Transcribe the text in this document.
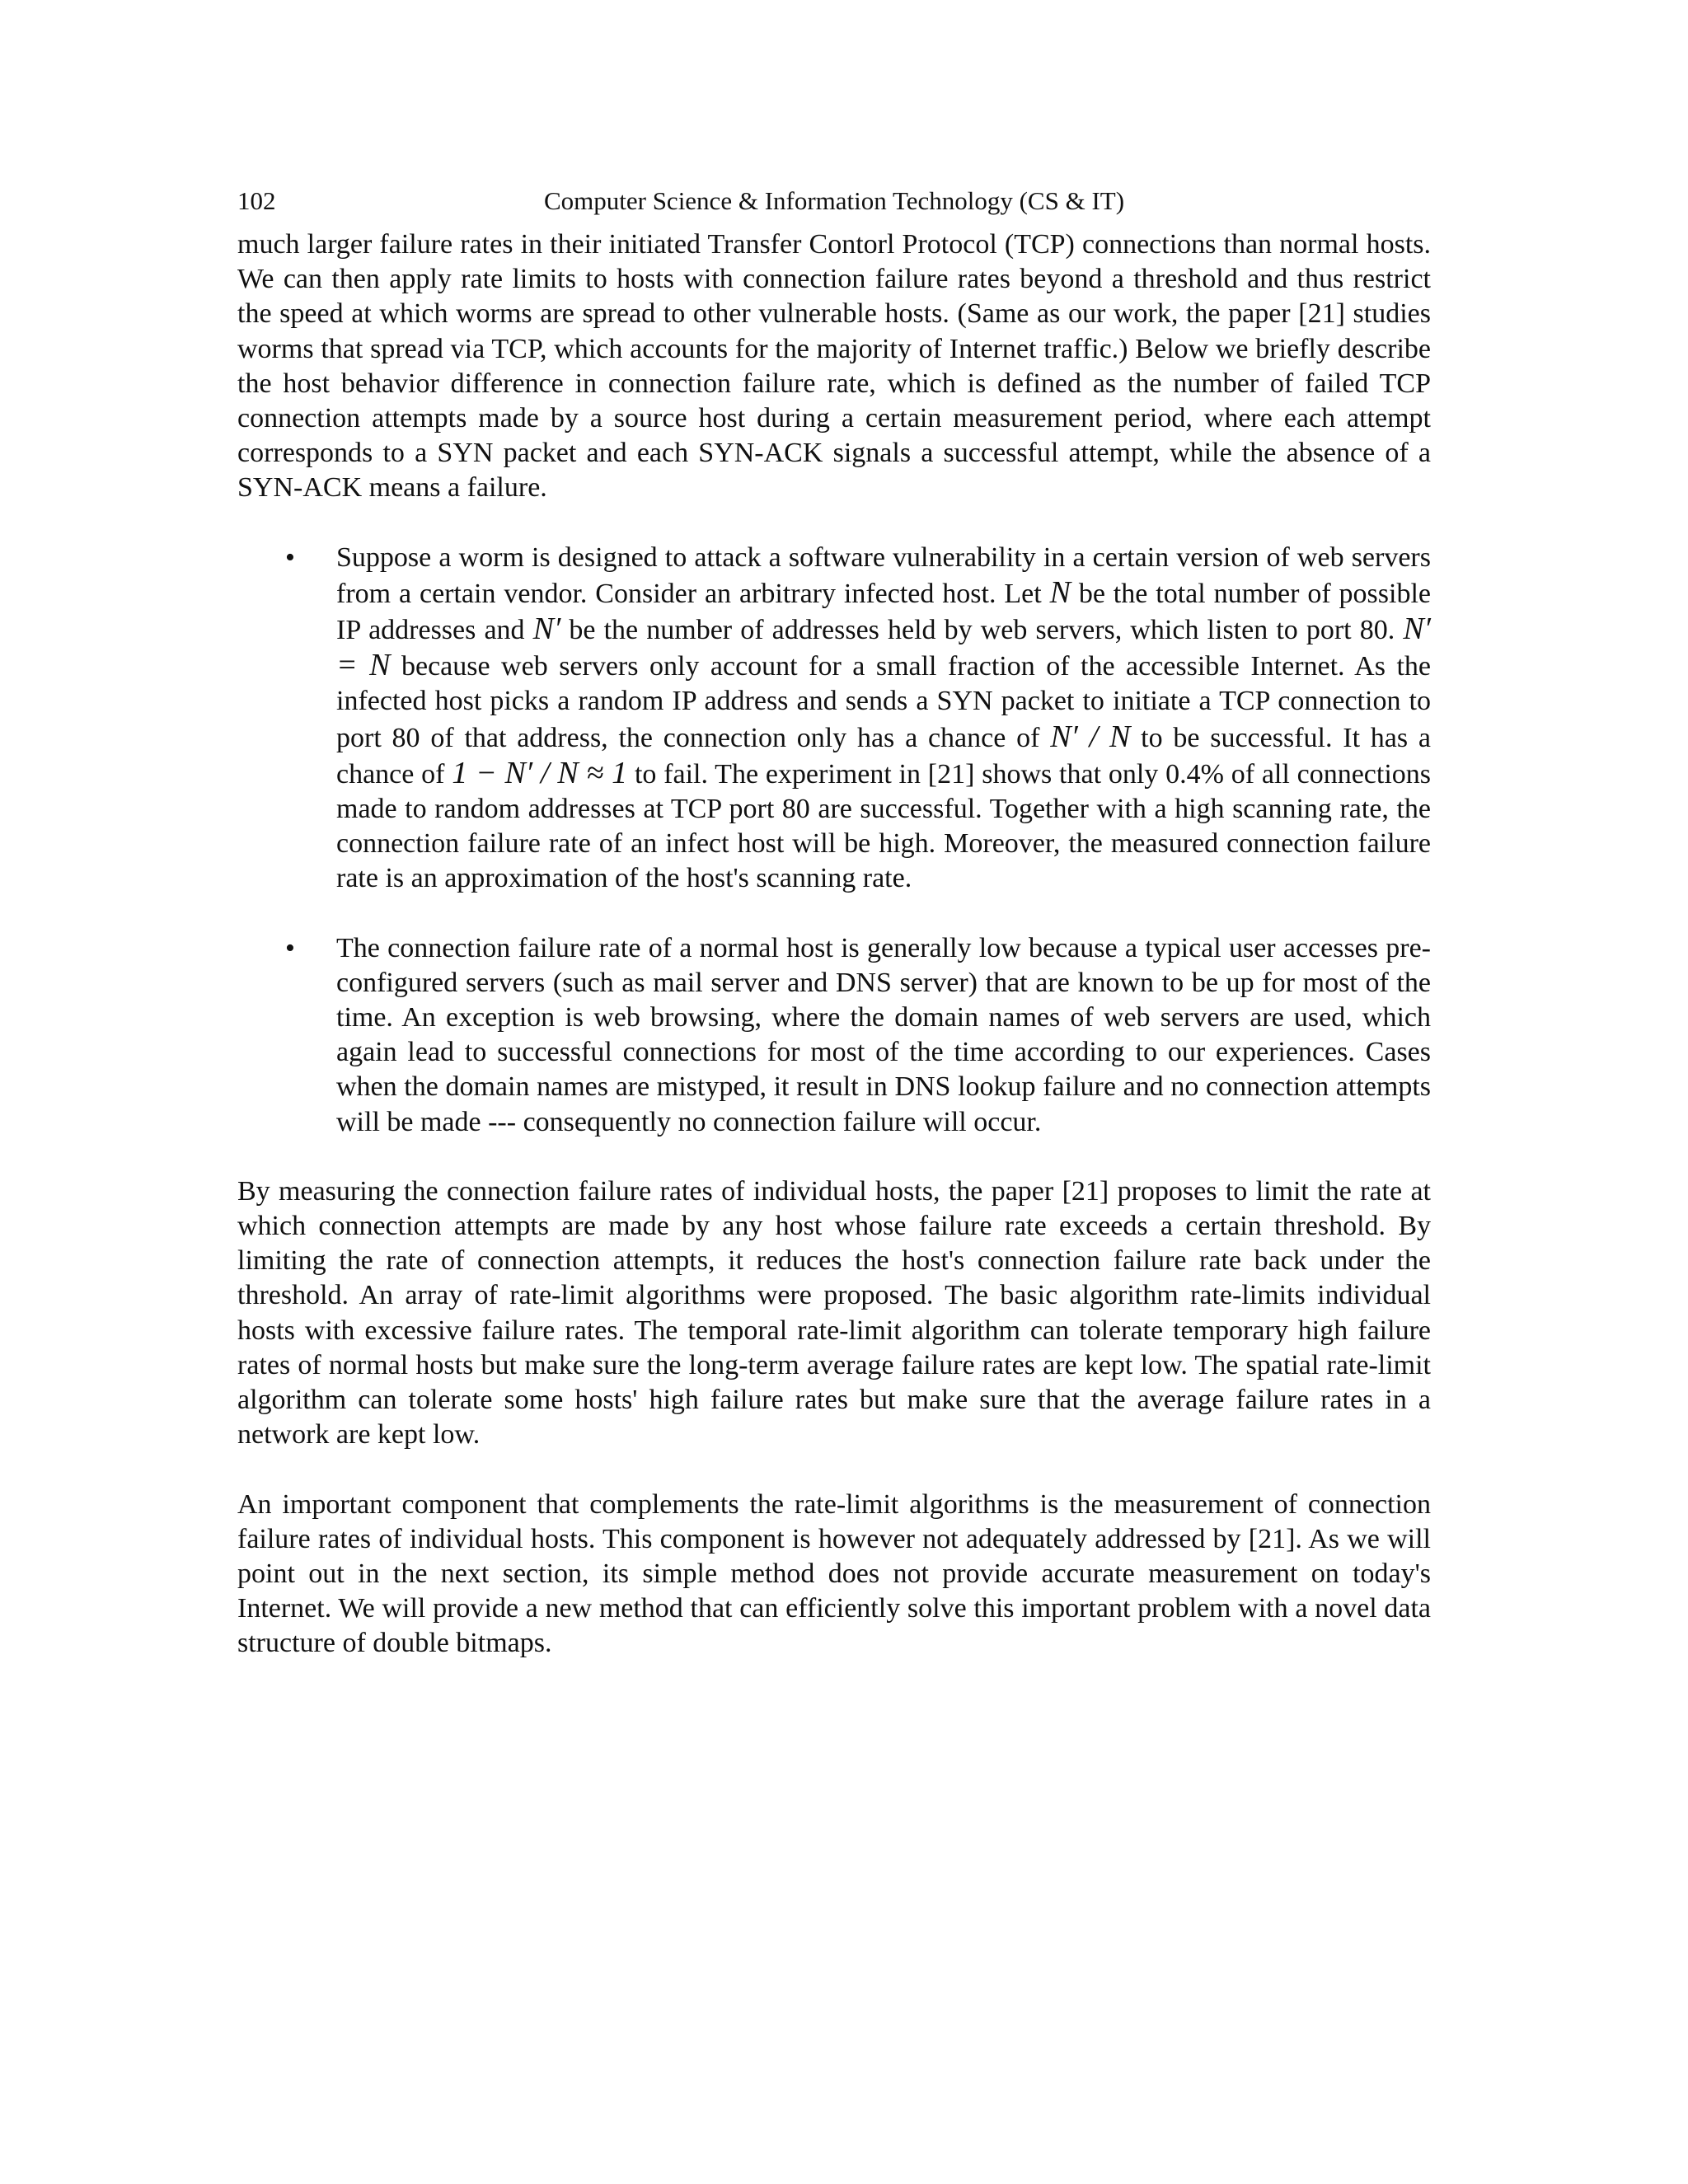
102	Computer Science & Information Technology (CS & IT)

much larger failure rates in their initiated Transfer Contorl Protocol (TCP) connections than normal hosts. We can then apply rate limits to hosts with connection failure rates beyond a threshold and thus restrict the speed at which worms are spread to other vulnerable hosts. (Same as our work, the paper [21] studies worms that spread via TCP, which accounts for the majority of Internet traffic.) Below we briefly describe the host behavior difference in connection failure rate, which is defined as the number of failed TCP connection attempts made by a source host during a certain measurement period, where each attempt corresponds to a SYN packet and each SYN-ACK signals a successful attempt, while the absence of a SYN-ACK means a failure.

• Suppose a worm is designed to attack a software vulnerability in a certain version of web servers from a certain vendor. Consider an arbitrary infected host. Let N be the total number of possible IP addresses and N′ be the number of addresses held by web servers, which listen to port 80. N′ = N because web servers only account for a small fraction of the accessible Internet. As the infected host picks a random IP address and sends a SYN packet to initiate a TCP connection to port 80 of that address, the connection only has a chance of N′ / N to be successful. It has a chance of 1 − N′ / N ≈ 1 to fail. The experiment in [21] shows that only 0.4% of all connections made to random addresses at TCP port 80 are successful. Together with a high scanning rate, the connection failure rate of an infect host will be high. Moreover, the measured connection failure rate is an approximation of the host's scanning rate.
• The connection failure rate of a normal host is generally low because a typical user accesses pre-configured servers (such as mail server and DNS server) that are known to be up for most of the time. An exception is web browsing, where the domain names of web servers are used, which again lead to successful connections for most of the time according to our experiences. Cases when the domain names are mistyped, it result in DNS lookup failure and no connection attempts will be made --- consequently no connection failure will occur.

By measuring the connection failure rates of individual hosts, the paper [21] proposes to limit the rate at which connection attempts are made by any host whose failure rate exceeds a certain threshold. By limiting the rate of connection attempts, it reduces the host's connection failure rate back under the threshold. An array of rate-limit algorithms were proposed. The basic algorithm rate-limits individual hosts with excessive failure rates. The temporal rate-limit algorithm can tolerate temporary high failure rates of normal hosts but make sure the long-term average failure rates are kept low. The spatial rate-limit algorithm can tolerate some hosts' high failure rates but make sure that the average failure rates in a network are kept low.

An important component that complements the rate-limit algorithms is the measurement of connection failure rates of individual hosts. This component is however not adequately addressed by [21]. As we will point out in the next section, its simple method does not provide accurate measurement on today's Internet. We will provide a new method that can efficiently solve this important problem with a novel data structure of double bitmaps.
